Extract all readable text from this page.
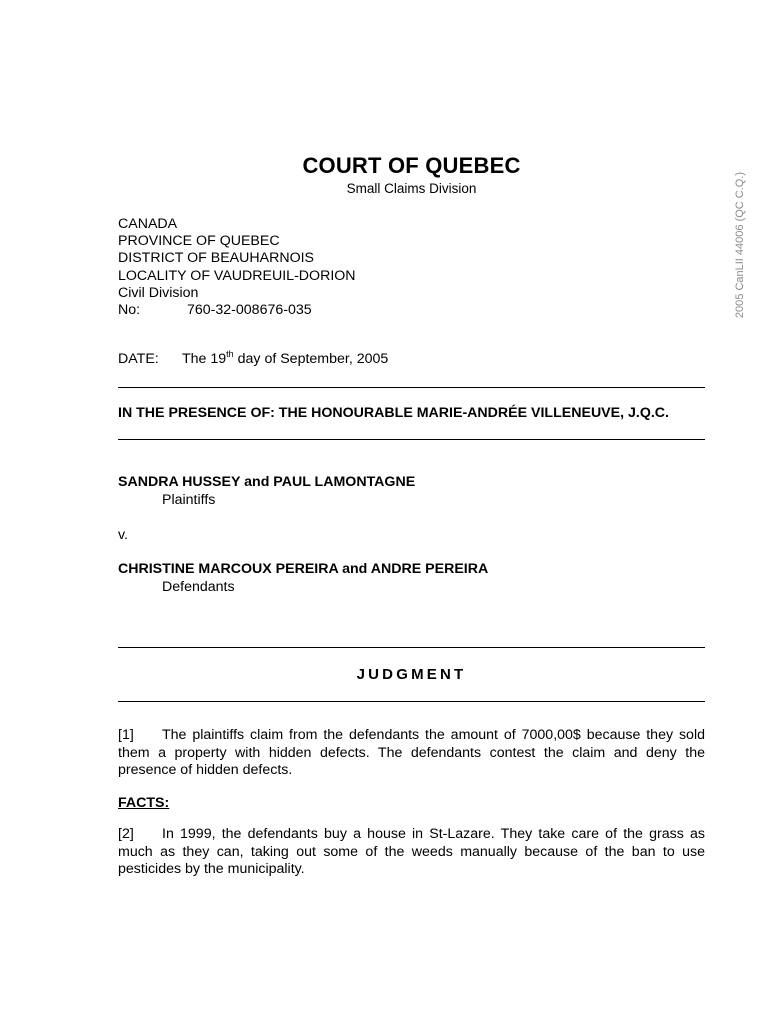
COURT OF QUEBEC
Small Claims Division
CANADA
PROVINCE OF QUEBEC
DISTRICT OF BEAUHARNOIS
LOCALITY OF VAUDREUIL-DORION
Civil Division
No:	760-32-008676-035
DATE: The 19th day of September, 2005
IN THE PRESENCE OF: THE HONOURABLE MARIE-ANDRÉE VILLENEUVE, J.Q.C.
SANDRA HUSSEY and PAUL LAMONTAGNE
Plaintiffs
v.
CHRISTINE MARCOUX PEREIRA and ANDRE PEREIRA
Defendants
JUDGMENT
[1] The plaintiffs claim from the defendants the amount of 7000,00$ because they sold them a property with hidden defects. The defendants contest the claim and deny the presence of hidden defects.
FACTS:
[2] In 1999, the defendants buy a house in St-Lazare. They take care of the grass as much as they can, taking out some of the weeds manually because of the ban to use pesticides by the municipality.
2005 CanLII 44006 (QC C.Q.)
